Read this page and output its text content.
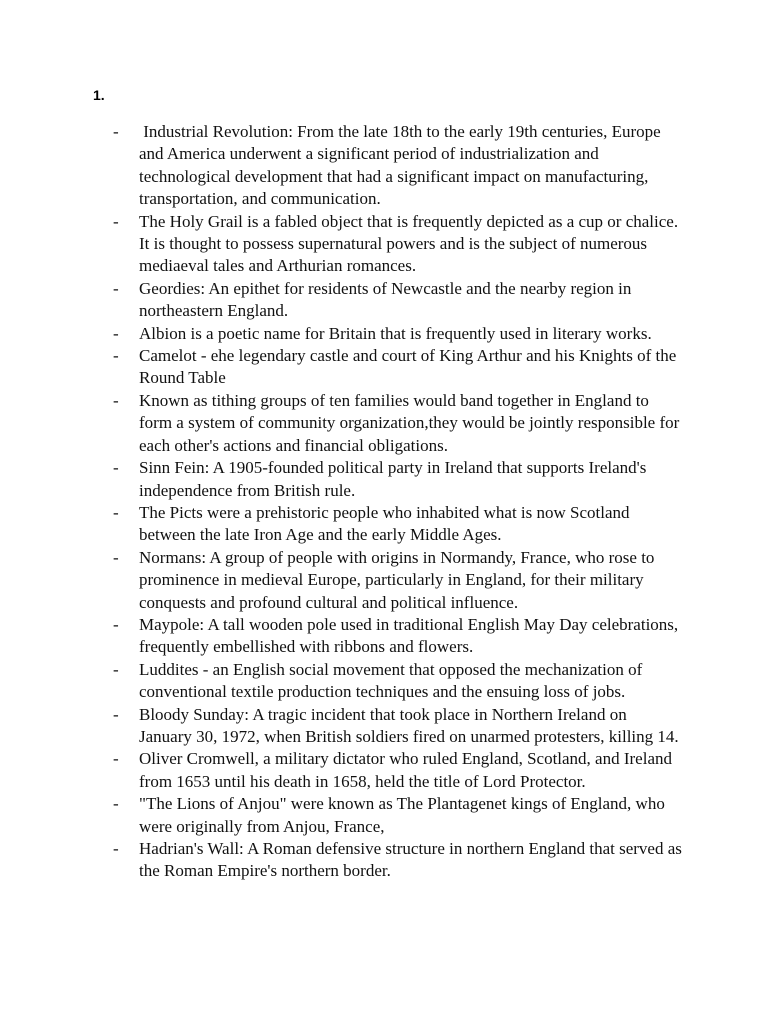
1.
- Industrial Revolution: From the late 18th to the early 19th centuries, Europe and America underwent a significant period of industrialization and technological development that had a significant impact on manufacturing, transportation, and communication.
- The Holy Grail is a fabled object that is frequently depicted as a cup or chalice. It is thought to possess supernatural powers and is the subject of numerous mediaeval tales and Arthurian romances.
- Geordies: An epithet for residents of Newcastle and the nearby region in northeastern England.
- Albion is a poetic name for Britain that is frequently used in literary works.
- Camelot - ehe legendary castle and court of King Arthur and his Knights of the Round Table
- Known as tithing groups of ten families would band together in England to form a system of community organization,they would be jointly responsible for each other's actions and financial obligations.
- Sinn Fein: A 1905-founded political party in Ireland that supports Ireland's independence from British rule.
- The Picts were a prehistoric people who inhabited what is now Scotland between the late Iron Age and the early Middle Ages.
- Normans: A group of people with origins in Normandy, France, who rose to prominence in medieval Europe, particularly in England, for their military conquests and profound cultural and political influence.
- Maypole: A tall wooden pole used in traditional English May Day celebrations, frequently embellished with ribbons and flowers.
- Luddites - an English social movement that opposed the mechanization of conventional textile production techniques and the ensuing loss of jobs.
- Bloody Sunday: A tragic incident that took place in Northern Ireland on January 30, 1972, when British soldiers fired on unarmed protesters, killing 14.
- Oliver Cromwell, a military dictator who ruled England, Scotland, and Ireland from 1653 until his death in 1658, held the title of Lord Protector.
- "The Lions of Anjou" were known as The Plantagenet kings of England, who were originally from Anjou, France,
- Hadrian's Wall: A Roman defensive structure in northern England that served as the Roman Empire's northern border.
